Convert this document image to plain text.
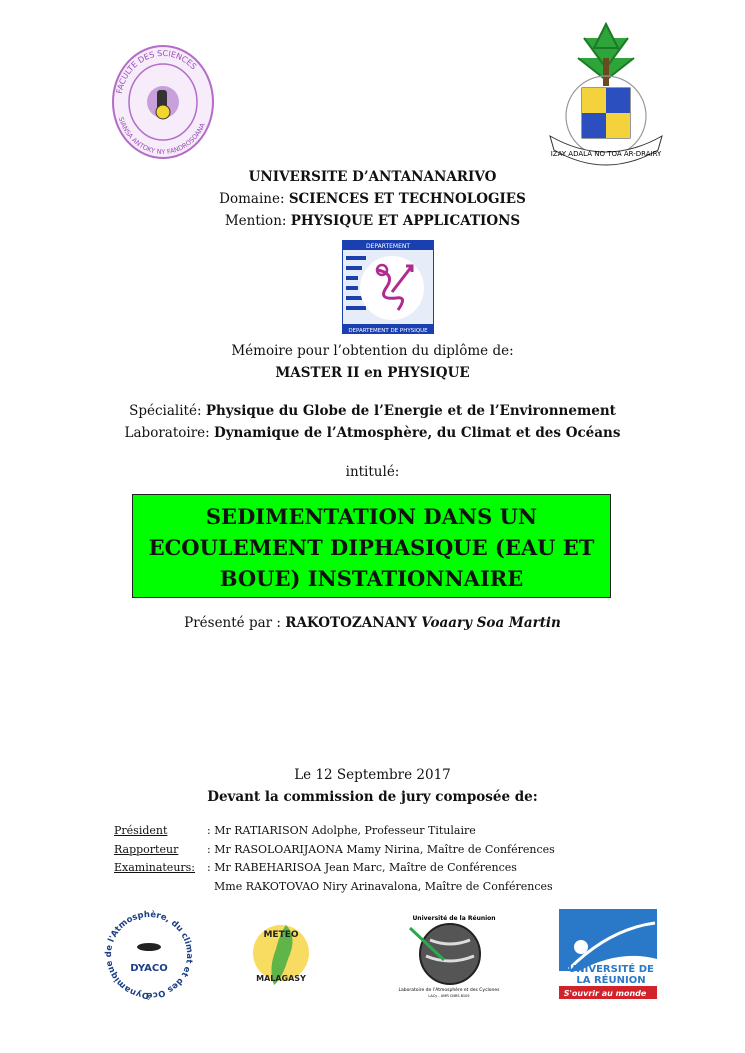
FACULTE DES SCIENCES
SIANSA ANTOKY NY FANDROSOANA
IZAY ADALA NO TOA AR-DRAIRY
UNIVERSITE D’ANTANANARIVO
Domaine: SCIENCES ET TECHNOLOGIES
Mention: PHYSIQUE ET APPLICATIONS
DEPARTEMENT
DEPARTEMENT DE PHYSIQUE
Mémoire pour l’obtention du diplôme de:
MASTER II en PHYSIQUE
Spécialité: Physique du Globe de l’Energie et de l’Environnement
Laboratoire: Dynamique de l’Atmosphère, du Climat et des Océans
intitulé:
SEDIMENTATION DANS UN
ECOULEMENT DIPHASIQUE (EAU ET
BOUE) INSTATIONNAIRE
Présenté par : RAKOTOZANANY Voaary Soa Martin
Le 12 Septembre 2017
Devant la commission de jury composée de:
Président	: Mr RATIARISON Adolphe, Professeur Titulaire
Rapporteur	: Mr RASOLOARIJAONA Mamy Nirina, Maître de Conférences
Examinateurs: : Mr RABEHARISOA Jean Marc, Maître de Conférences
Mme RAKOTOVAO Niry Arinavalona, Maître de Conférences
Dynamique de l'Atmosphère, du climat et des Océ
DYACO
METEO
MALAGASY
Université de la Réunion
Laboratoire de l'Atmosphère et des Cyclones
LACy - UMR CNRS 8105
UNIVERSITÉ DE
LA RÉUNION
S'ouvrir au monde
